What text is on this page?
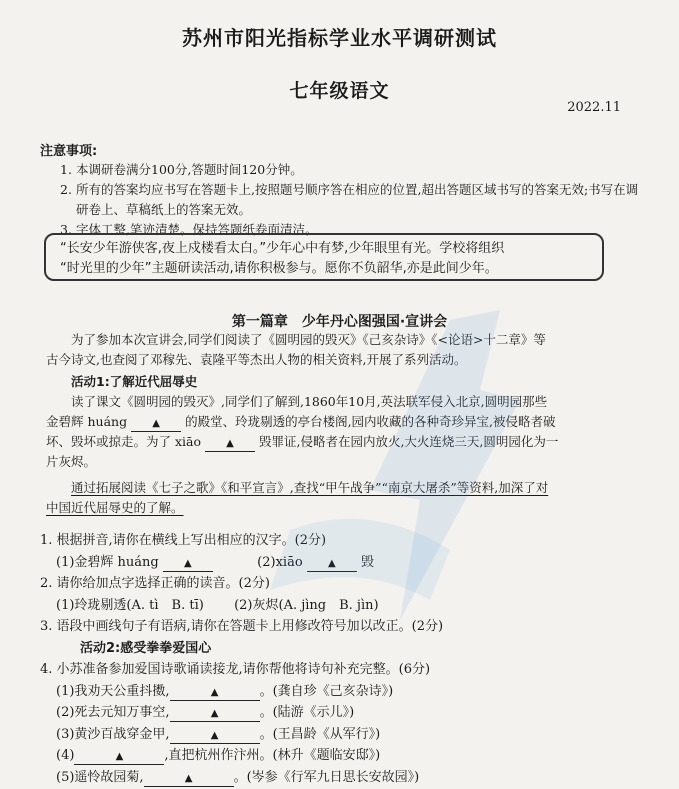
苏州市阳光指标学业水平调研测试
七年级语文
2022.11
注意事项:
1. 本调研卷满分100分,答题时间120分钟。
2. 所有的答案均应书写在答题卡上,按照题号顺序答在相应的位置,超出答题区域书写的答案无效;书写在调研卷上、草稿纸上的答案无效。
3. 字体工整,笔迹清楚。保持答题纸卷面清洁。
“长安少年游侠客,夜上戍楼看太白。”少年心中有梦,少年眼里有光。学校将组织
“时光里的少年”主题研读活动,请你积极参与。愿你不负韶华,亦是此间少年。
第一篇章　少年丹心图强国·宣讲会
为了参加本次宣讲会,同学们阅读了《圆明园的毁灭》《己亥杂诗》《<论语>十二章》等
古今诗文,也查阅了邓稼先、袁隆平等杰出人物的相关资料,开展了系列活动。
活动1:了解近代屈辱史
读了课文《圆明园的毁灭》,同学们了解到,1860年10月,英法联军侵入北京,圆明园那些
金碧辉 huáng	▲ 的殿堂、玲珑剔透的亭台楼阁,园内收藏的各种奇珍异宝,被侵略者破
坏、毁坏或掠走。为了 xiāo	▲ 毁罪证,侵略者在园内放火,大火连烧三天,圆明园化为一
片灰烬。
通过拓展阅读《七子之歌》《和平宣言》,查找“甲午战争”“南京大屠杀”等资料,加深了对
中国近代屈辱史的了解。
1. 根据拼音,请你在横线上写出相应的汉字。(2分)
(1)金碧辉 huáng	▲	(2)xiāo	▲ 毁
2. 请你给加点字选择正确的读音。(2分)
(1)玲珑剔透(A. tì　B. tī) (2)灰烬(A. jìng　B. jìn)
3. 语段中画线句子有语病,请你在答题卡上用修改符号加以改正。(2分)
活动2:感受拳拳爱国心
4. 小苏准备参加爱国诗歌诵读接龙,请你帮他将诗句补充完整。(6分)
(1)我劝天公重抖擞,	▲	。(龚自珍《己亥杂诗》)
(2)死去元知万事空,	▲	。(陆游《示儿》)
(3)黄沙百战穿金甲,	▲	。(王昌龄《从军行》)
(4)	▲	,直把杭州作汴州。(林升《题临安邸》)
(5)遥怜故园菊,	▲	。(岑参《行军九日思长安故园》)
